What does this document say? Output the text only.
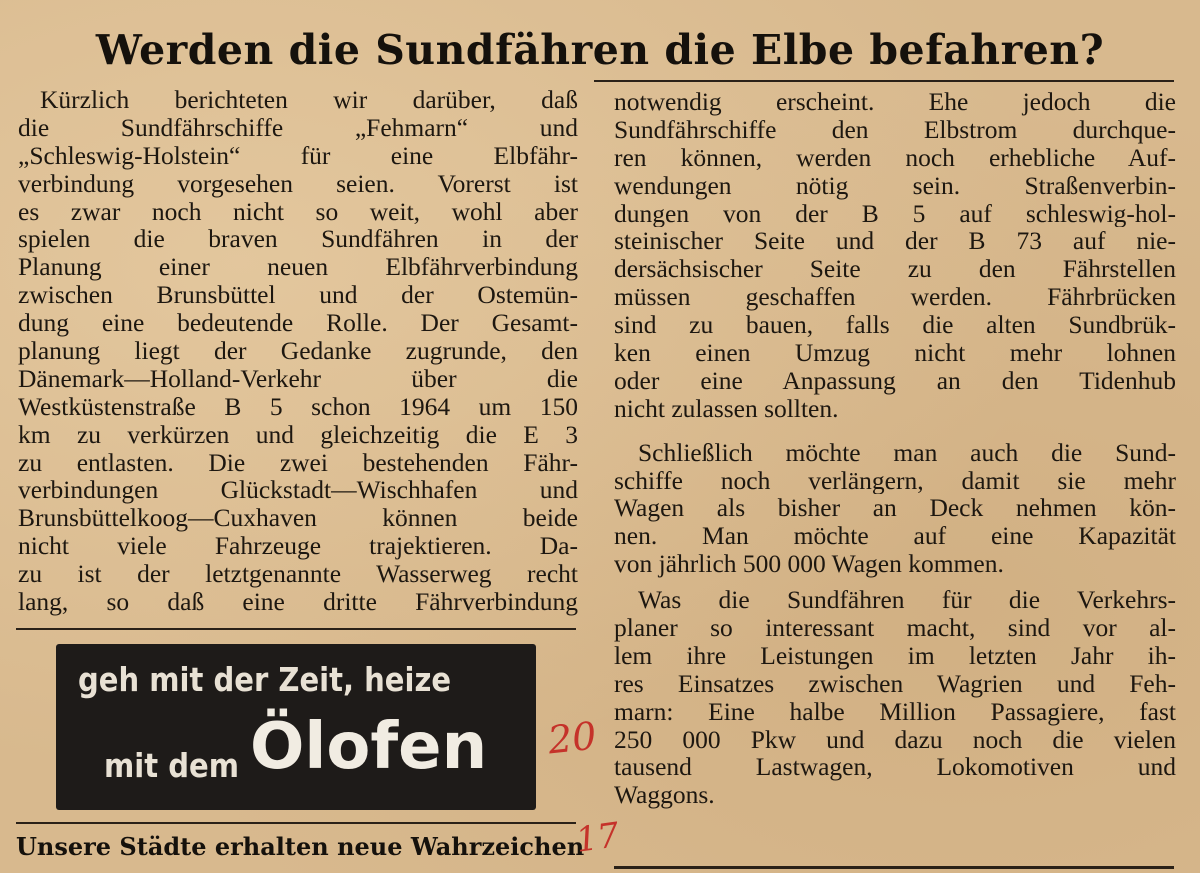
Werden die Sundfähren die Elbe befahren?
Kürzlich berichteten wir darüber, daß
die Sundfährschiffe „Fehmarn“ und
„Schleswig-Holstein“ für eine Elbfähr-
verbindung vorgesehen seien. Vorerst ist
es zwar noch nicht so weit, wohl aber
spielen die braven Sundfähren in der
Planung einer neuen Elbfährverbindung
zwischen Brunsbüttel und der Ostemün-
dung eine bedeutende Rolle. Der Gesamt-
planung liegt der Gedanke zugrunde, den
Dänemark—Holland-Verkehr über die
Westküstenstraße B 5 schon 1964 um 150
km zu verkürzen und gleichzeitig die E 3
zu entlasten. Die zwei bestehenden Fähr-
verbindungen Glückstadt—Wischhafen und
Brunsbüttelkoog—Cuxhaven können beide
nicht viele Fahrzeuge trajektieren. Da-
zu ist der letztgenannte Wasserweg recht
lang, so daß eine dritte Fährverbindung
geh mit der Zeit, heize
mit dem Ölofen 20
notwendig erscheint. Ehe jedoch die
Sundfährschiffe den Elbstrom durchque-
ren können, werden noch erhebliche Auf-
wendungen nötig sein. Straßenverbin-
dungen von der B 5 auf schleswig-hol-
steinischer Seite und der B 73 auf nie-
dersächsischer Seite zu den Fährstellen
müssen geschaffen werden. Fährbrücken
sind zu bauen, falls die alten Sundbrük-
ken einen Umzug nicht mehr lohnen
oder eine Anpassung an den Tidenhub
nicht zulassen sollten.
Schließlich möchte man auch die Sund-
schiffe noch verlängern, damit sie mehr
Wagen als bisher an Deck nehmen kön-
nen. Man möchte auf eine Kapazität
von jährlich 500 000 Wagen kommen.
Was die Sundfähren für die Verkehrs-
planer so interessant macht, sind vor al-
lem ihre Leistungen im letzten Jahr ih-
res Einsatzes zwischen Wagrien und Feh-
marn: Eine halbe Million Passagiere, fast
250 000 Pkw und dazu noch die vielen
tausend Lastwagen, Lokomotiven und
Waggons.
Unsere Städte erhalten neue Wahrzeichen
17
